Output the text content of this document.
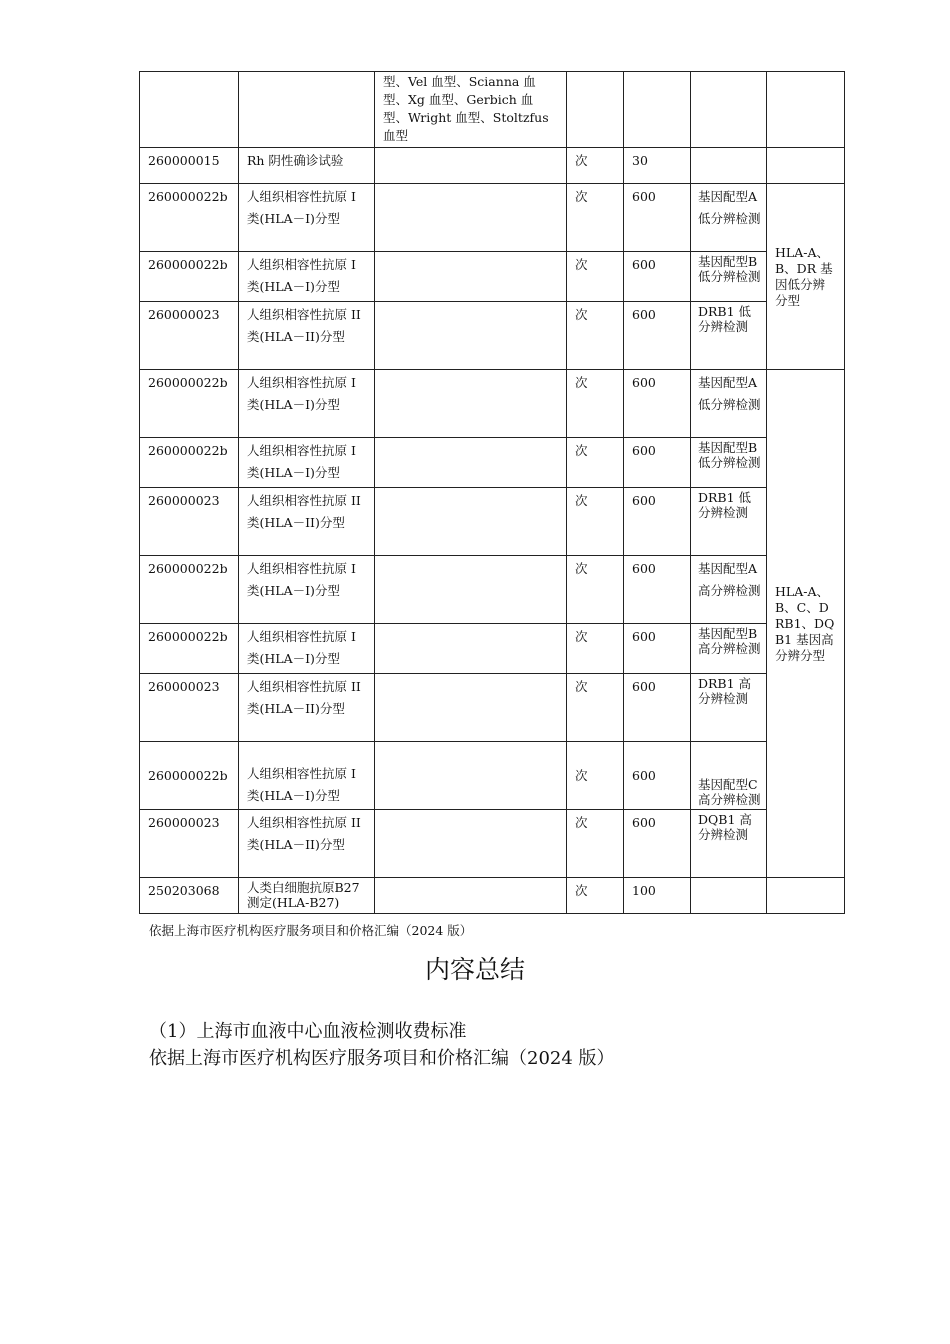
		型、Vel 血型、Scianna 血型、Xg 血型、Gerbich 血型、Wright 血型、Stoltzfus 血型				
260000015	Rh 阴性确诊试验		次	30		
260000022b	人组织相容性抗原 I 类(HLA－I)分型		次	600	基因配型A 低分辨检测	HLA-A、B、DR 基因低分辨分型
260000022b	人组织相容性抗原 I 类(HLA－I)分型		次	600	基因配型B 低分辨检测	
260000023	人组织相容性抗原 II 类(HLA－II)分型		次	600	DRB1 低分辨检测	
260000022b	人组织相容性抗原 I 类(HLA－I)分型		次	600	基因配型A 低分辨检测	HLA-A、B、C、DRB1、DQB1 基因高分辨分型
260000022b	人组织相容性抗原 I 类(HLA－I)分型		次	600	基因配型B 低分辨检测	
260000023	人组织相容性抗原 II 类(HLA－II)分型		次	600	DRB1 低分辨检测	
260000022b	人组织相容性抗原 I 类(HLA－I)分型		次	600	基因配型A 高分辨检测	
260000022b	人组织相容性抗原 I 类(HLA－I)分型		次	600	基因配型B 高分辨检测	
260000023	人组织相容性抗原 II 类(HLA－II)分型		次	600	DRB1 高分辨检测	
260000022b	人组织相容性抗原 I 类(HLA－I)分型		次	600	基因配型C 高分辨检测	
260000023	人组织相容性抗原 II 类(HLA－II)分型		次	600	DQB1 高分辨检测	
250203068	人类白细胞抗原B27 测定(HLA-B27)		次	100		
依据上海市医疗机构医疗服务项目和价格汇编（2024 版）
内容总结
（1）上海市血液中心血液检测收费标准
依据上海市医疗机构医疗服务项目和价格汇编（2024 版）
